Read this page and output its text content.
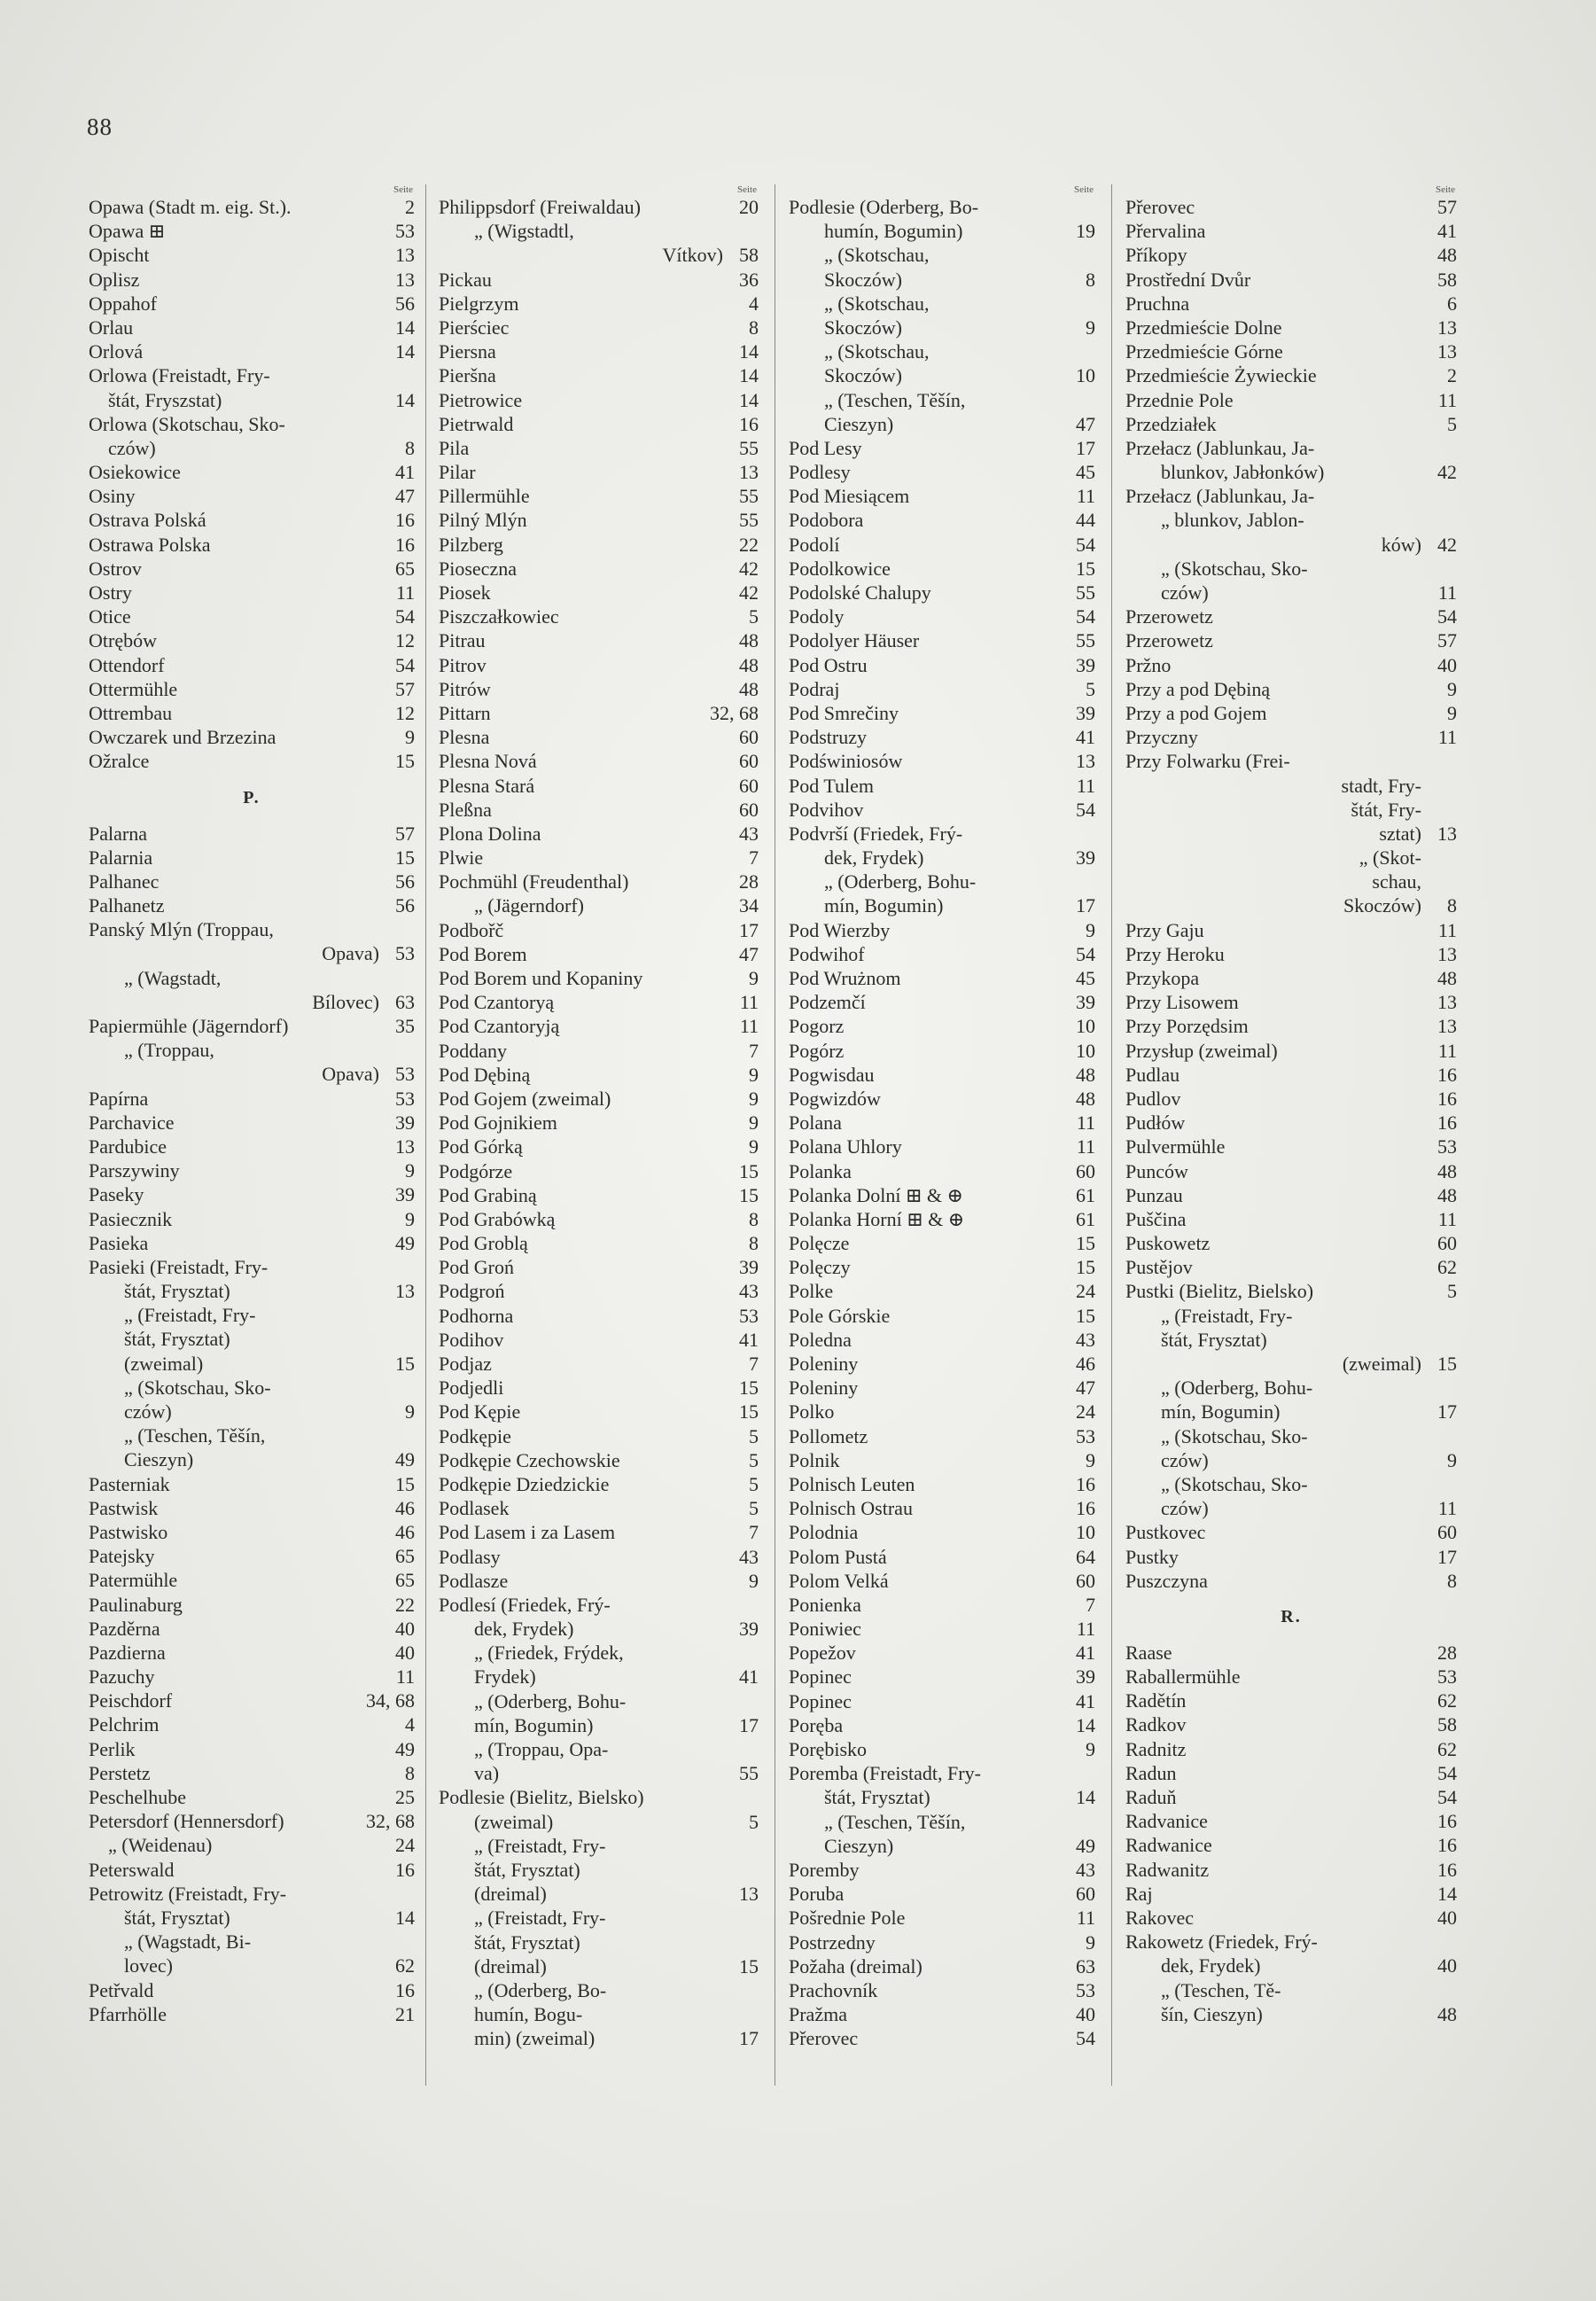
88
Seite
Opawa (Stadt m. eig. St.).	2
Opawa ⊞	53
Opischt	13
Oplisz	13
Oppahof	56
Orlau	14
Orlová	14
Orlowa (Freistadt, Fry-
štát, Fryszstat)	14
Orlowa (Skotschau, Sko-
czów)	8
Osiekowice	41
Osiny	47
Ostrava Polská	16
Ostrawa Polska	16
Ostrov	65
Ostry	11
Otice	54
Otrębów	12
Ottendorf	54
Ottermühle	57
Ottrembau	12
Owczarek und Brzezina	9
Ožralce	15
P.
Palarna	57
Palarnia	15
Palhanec	56
Palhanetz	56
Panský Mlýn (Troppau,
Opava) 53
„ (Wagstadt,
Bílovec) 63
Papiermühle (Jägerndorf)	35
„ (Troppau,
Opava) 53
Papírna	53
Parchavice	39
Pardubice	13
Parszywiny	9
Paseky	39
Pasiecznik	9
Pasieka	49
Pasieki (Freistadt, Fry-
štát, Frysztat)	13
„ (Freistadt, Fry-
štát, Frysztat)
(zweimal)	15
„ (Skotschau, Sko-
czów)	9
„ (Teschen, Těšín,
Cieszyn)	49
Pasterniak	15
Pastwisk	46
Pastwisko	46
Patejsky	65
Patermühle	65
Paulinaburg	22
Pazděrna	40
Pazdierna	40
Pazuchy	11
Peischdorf	34, 68
Pelchrim	4
Perlik	49
Perstetz	8
Peschelhube	25
Petersdorf (Hennersdorf)	32, 68
„ (Weidenau)	24
Peterswald	16
Petrowitz (Freistadt, Fry-
štát, Frysztat)	14
„ (Wagstadt, Bi-
lovec)	62
Petřvald	16
Pfarrhölle	21
Seite
Philippsdorf (Freiwaldau)	20
„ (Wigstadtl,
Vítkov) 58
Pickau	36
Pielgrzym	4
Pierściec	8
Piersna	14
Pieršna	14
Pietrowice	14
Pietrwald	16
Pila	55
Pilar	13
Pillermühle	55
Pilný Mlýn	55
Pilzberg	22
Pioseczna	42
Piosek	42
Piszczałkowiec	5
Pitrau	48
Pitrov	48
Pitrów	48
Pittarn	32, 68
Plesna	60
Plesna Nová	60
Plesna Stará	60
Pleßna	60
Plona Dolina	43
Plwie	7
Pochmühl (Freudenthal)	28
„ (Jägerndorf)	34
Podbořč	17
Pod Borem	47
Pod Borem und Kopaniny	9
Pod Czantoryą	11
Pod Czantoryją	11
Poddany	7
Pod Dębiną	9
Pod Gojem (zweimal)	9
Pod Gojnikiem	9
Pod Górką	9
Podgórze	15
Pod Grabiną	15
Pod Grabówką	8
Pod Groblą	8
Pod Groń	39
Podgroń	43
Podhorna	53
Podihov	41
Podjaz	7
Podjedli	15
Pod Kępie	15
Podkępie	5
Podkępie Czechowskie	5
Podkępie Dziedzickie	5
Podlasek	5
Pod Lasem i za Lasem	7
Podlasy	43
Podlasze	9
Podlesí (Friedek, Frý-
dek, Frydek)	39
„ (Friedek, Frýdek,
Frydek)	41
„ (Oderberg, Bohu-
mín, Bogumin)	17
„ (Troppau, Opa-
va)	55
Podlesie (Bielitz, Bielsko)
(zweimal)	5
„ (Freistadt, Fry-
štát, Frysztat)
(dreimal)	13
„ (Freistadt, Fry-
štát, Frysztat)
(dreimal)	15
„ (Oderberg, Bo-
humín, Bogu-
min) (zweimal)	17
Seite
Podlesie (Oderberg, Bo-
humín, Bogumin)	19
„ (Skotschau,
Skoczów)	8
„ (Skotschau,
Skoczów)	9
„ (Skotschau,
Skoczów)	10
„ (Teschen, Těšín,
Cieszyn)	47
Pod Lesy	17
Podlesy	45
Pod Miesiącem	11
Podobora	44
Podolí	54
Podolkowice	15
Podolské Chalupy	55
Podoly	54
Podolyer Häuser	55
Pod Ostru	39
Podraj	5
Pod Smrečiny	39
Podstruzy	41
Podświniosów	13
Pod Tulem	11
Podvihov	54
Podvrší (Friedek, Frý-
dek, Frydek)	39
„ (Oderberg, Bohu-
mín, Bogumin)	17
Pod Wierzby	9
Podwihof	54
Pod Wrużnom	45
Podzemčí	39
Pogorz	10
Pogórz	10
Pogwisdau	48
Pogwizdów	48
Polana	11
Polana Uhlory	11
Polanka	60
Polanka Dolní ⊞ & ⊕	61
Polanka Horní ⊞ & ⊕	61
Polęcze	15
Polęczy	15
Polke	24
Pole Górskie	15
Poledna	43
Poleniny	46
Poleniny	47
Polko	24
Pollometz	53
Polnik	9
Polnisch Leuten	16
Polnisch Ostrau	16
Polodnia	10
Polom Pustá	64
Polom Velká	60
Ponienka	7
Poniwiec	11
Popežov	41
Popinec	39
Popinec	41
Poręba	14
Porębisko	9
Poremba (Freistadt, Fry-
štát, Frysztat)	14
„ (Teschen, Těšín,
Cieszyn)	49
Poremby	43
Poruba	60
Pošrednie Pole	11
Postrzedny	9
Požaha (dreimal)	63
Prachovník	53
Pražma	40
Přerovec	54
Seite
Přerovec	57
Přervalina	41
Příkopy	48
Prostřední Dvůr	58
Pruchna	6
Przedmieście Dolne	13
Przedmieście Górne	13
Przedmieście Żywieckie	2
Przednie Pole	11
Przedziałek	5
Przełacz (Jablunkau, Ja-
blunkov, Jabłonków)	42
Przełacz (Jablunkau, Ja-
„ blunkov, Jablon-
ków) 42
„ (Skotschau, Sko-
czów)	11
Przerowetz	54
Przerowetz	57
Pržno	40
Przy a pod Dębiną	9
Przy a pod Gojem	9
Przyczny	11
Przy Folwarku (Frei-
stadt, Fry-
štát, Fry-
sztat) 13
„ (Skot-
schau,
Skoczów)	8
Przy Gaju	11
Przy Heroku	13
Przykopa	48
Przy Lisowem	13
Przy Porzędsim	13
Przysłup (zweimal)	11
Pudlau	16
Pudlov	16
Pudłów	16
Pulvermühle	53
Punców	48
Punzau	48
Puščina	11
Puskowetz	60
Pustějov	62
Pustki (Bielitz, Bielsko)	5
„ (Freistadt, Fry-
štát, Frysztat)
(zweimal) 15
„ (Oderberg, Bohu-
mín, Bogumin)	17
„ (Skotschau, Sko-
czów)	9
„ (Skotschau, Sko-
czów)	11
Pustkovec	60
Pustky	17
Puszczyna	8
R.
Raase	28
Raballermühle	53
Radětín	62
Radkov	58
Radnitz	62
Radun	54
Raduň	54
Radvanice	16
Radwanice	16
Radwanitz	16
Raj	14
Rakovec	40
Rakowetz (Friedek, Frý-
dek, Frydek)	40
„ (Teschen, Tě-
šín, Cieszyn)	48
